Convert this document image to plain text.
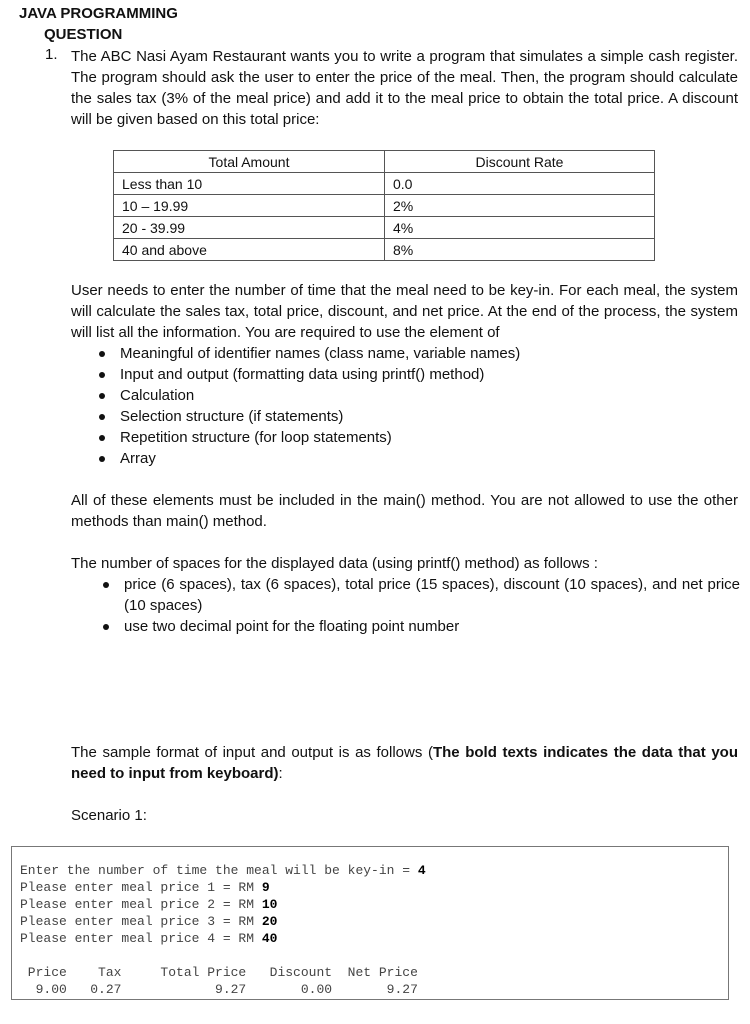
JAVA PROGRAMMING
QUESTION
1. The ABC Nasi Ayam Restaurant wants you to write a program that simulates a simple cash register. The program should ask the user to enter the price of the meal. Then, the program should calculate the sales tax (3% of the meal price) and add it to the meal price to obtain the total price. A discount will be given based on this total price:
Total Amount	Discount Rate
Less than 10	0.0
10 – 19.99	2%
20 - 39.99	4%
40 and above	8%
User needs to enter the number of time that the meal need to be key-in. For each meal, the system will calculate the sales tax, total price, discount, and net price. At the end of the process, the system will list all the information. You are required to use the element of
Meaningful of identifier names (class name, variable names)
Input and output (formatting data using printf() method)
Calculation
Selection structure (if statements)
Repetition structure (for loop statements)
Array
All of these elements must be included in the main() method. You are not allowed to use the other methods than main() method.
The number of spaces for the displayed data (using printf() method) as follows :
price (6 spaces), tax (6 spaces), total price (15 spaces), discount (10 spaces), and net price (10 spaces)
use two decimal point for the floating point number
The sample format of input and output is as follows (The bold texts indicates the data that you need to input from keyboard):
Scenario 1:
Enter the number of time the meal will be key-in = 4
Please enter meal price 1 = RM 9
Please enter meal price 2 = RM 10
Please enter meal price 3 = RM 20
Please enter meal price 4 = RM 40
Price    Tax     Total Price   Discount  Net Price
9.00   0.27            9.27       0.00       9.27
